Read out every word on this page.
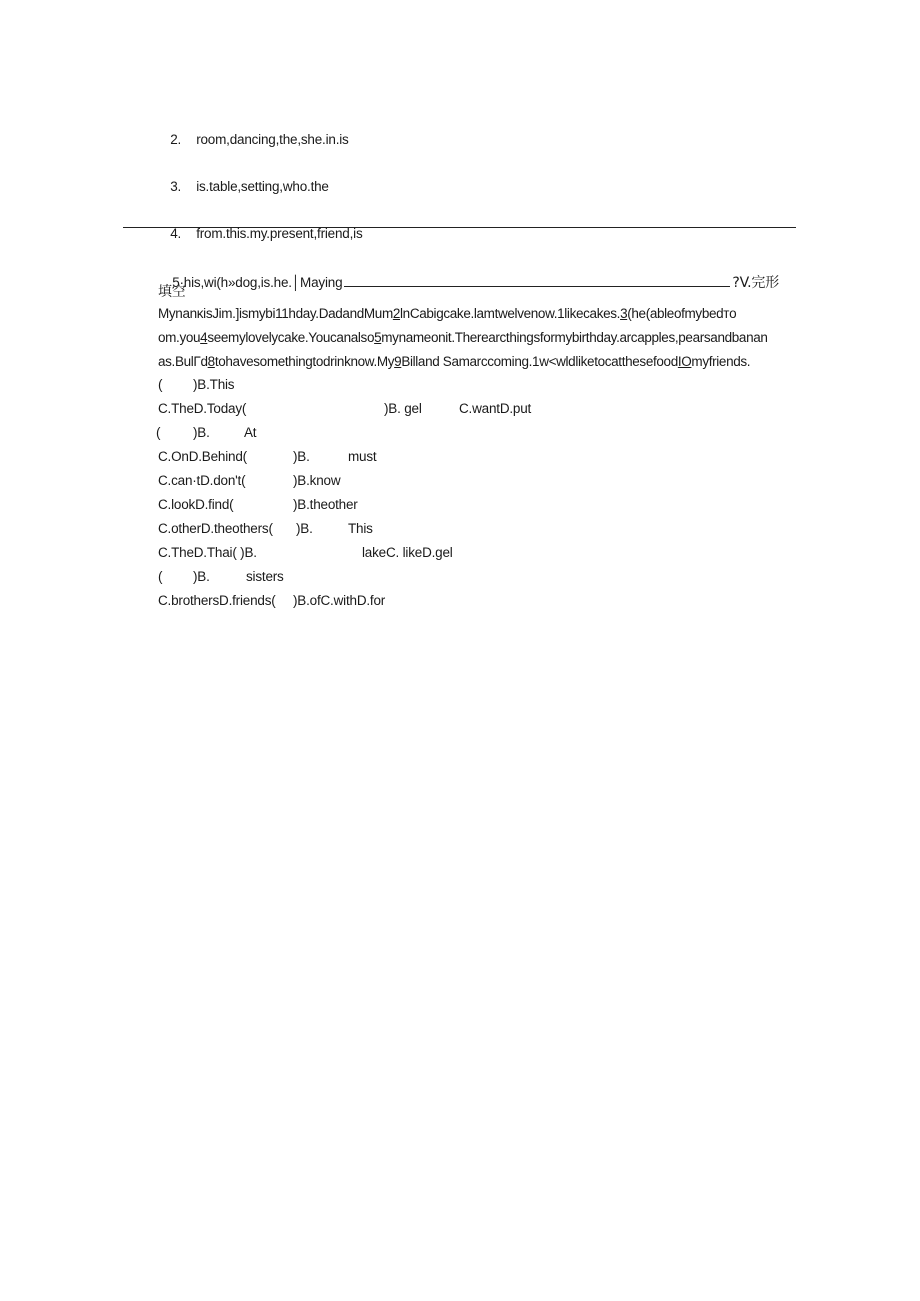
2. room,dancing,the,she.in.is

3. is.table,setting,who.the

4. from.this.my.present,friend,is

5·his,wi(h»dog,is.he.│Maying	?V.完形

填空
MynanκisJim.]ismybi11hday.DadandMum2lnCabigcake.lamtwelvenow.1likecakes.3(he(ableofmybedтo
om.you4seemylovelycake.Youcanalso5mynameonit.Therearcthingsformybirthday.arcapples,pearsandbanan
as.BulΓd8tohavesomethingtodrinknow.My9Billand Samarccoming.1w<wldliketocatthesefoodIOmyfriends.
( )B.This
C.TheD.Today(	)B. gel	C.wantD.put
( )B.	At
C.OnD.Behind(	)B.	must
C.can·tD.don't(	)B.know
C.lookD.find(	)B.theother
C.otherD.theothers( )B.	This
C.TheD.Thai( )B.	lakeC. likeD.gel
( )B.	sisters
C.brothersD.friends( )B.ofC.withD.for
